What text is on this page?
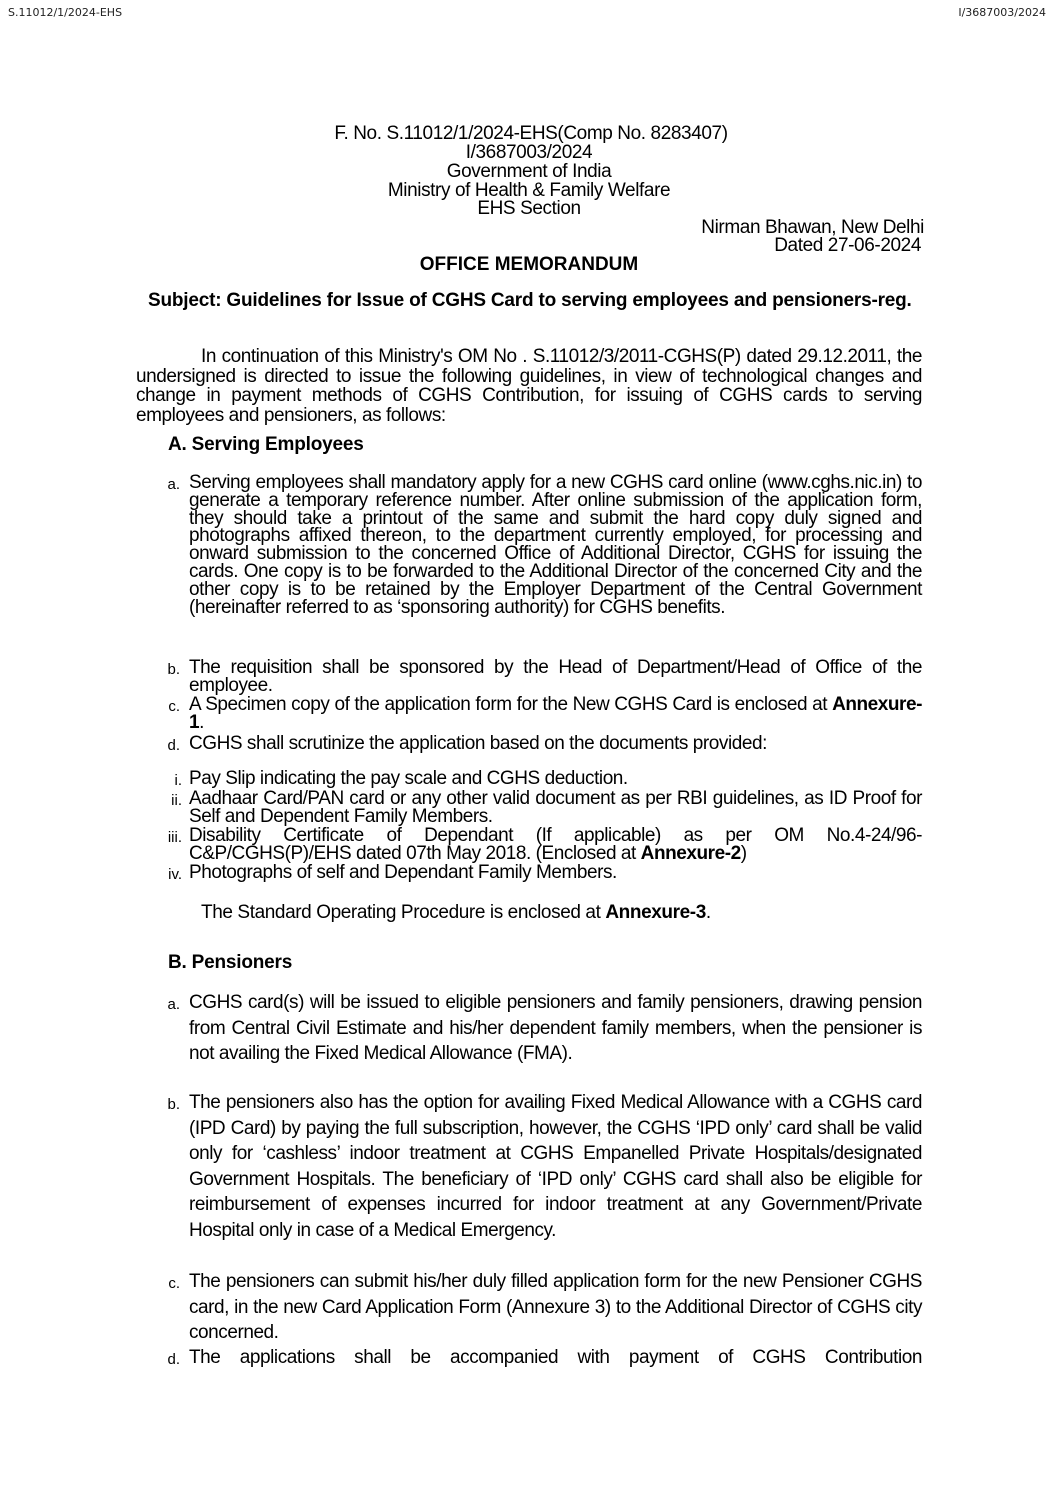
S.11012/1/2024-EHS	I/3687003/2024
F. No. S.11012/1/2024-EHS(Comp No. 8283407)
I/3687003/2024
Government of India
Ministry of Health & Family Welfare
EHS Section
Nirman Bhawan, New Delhi
Dated 27-06-2024
OFFICE MEMORANDUM
Subject: Guidelines for Issue of CGHS Card to serving employees and pensioners-reg.
In continuation of this Ministry's OM No . S.11012/3/2011-CGHS(P) dated 29.12.2011, the undersigned is directed to issue the following guidelines, in view of technological changes and change in payment methods of CGHS Contribution, for issuing of CGHS cards to serving employees and pensioners, as follows:
A. Serving Employees
a. Serving employees shall mandatory apply for a new CGHS card online (www.cghs.nic.in) to generate a temporary reference number. After online submission of the application form, they should take a printout of the same and submit the hard copy duly signed and photographs affixed thereon, to the department currently employed, for processing and onward submission to the concerned Office of Additional Director, CGHS for issuing the cards. One copy is to be forwarded to the Additional Director of the concerned City and the other copy is to be retained by the Employer Department of the Central Government (hereinafter referred to as ‘sponsoring authority) for CGHS benefits.
b. The requisition shall be sponsored by the Head of Department/Head of Office of the employee.
c. A Specimen copy of the application form for the New CGHS Card is enclosed at Annexure-1.
d. CGHS shall scrutinize the application based on the documents provided:
i. Pay Slip indicating the pay scale and CGHS deduction.
ii. Aadhaar Card/PAN card or any other valid document as per RBI guidelines, as ID Proof for Self and Dependent Family Members.
iii. Disability Certificate of Dependant (If applicable) as per OM No.4-24/96-C&P/CGHS(P)/EHS dated 07th May 2018. (Enclosed at Annexure-2)
iv. Photographs of self and Dependant Family Members.
The Standard Operating Procedure is enclosed at Annexure-3.
B. Pensioners
a. CGHS card(s) will be issued to eligible pensioners and family pensioners, drawing pension from Central Civil Estimate and his/her dependent family members, when the pensioner is not availing the Fixed Medical Allowance (FMA).
b. The pensioners also has the option for availing Fixed Medical Allowance with a CGHS card (IPD Card) by paying the full subscription, however, the CGHS ‘IPD only’ card shall be valid only for ‘cashless’ indoor treatment at CGHS Empanelled Private Hospitals/designated Government Hospitals. The beneficiary of ‘IPD only’ CGHS card shall also be eligible for reimbursement of expenses incurred for indoor treatment at any Government/Private Hospital only in case of a Medical Emergency.
c. The pensioners can submit his/her duly filled application form for the new Pensioner CGHS card, in the new Card Application Form (Annexure 3) to the Additional Director of CGHS city concerned.
d. The applications shall be accompanied with payment of CGHS Contribution
